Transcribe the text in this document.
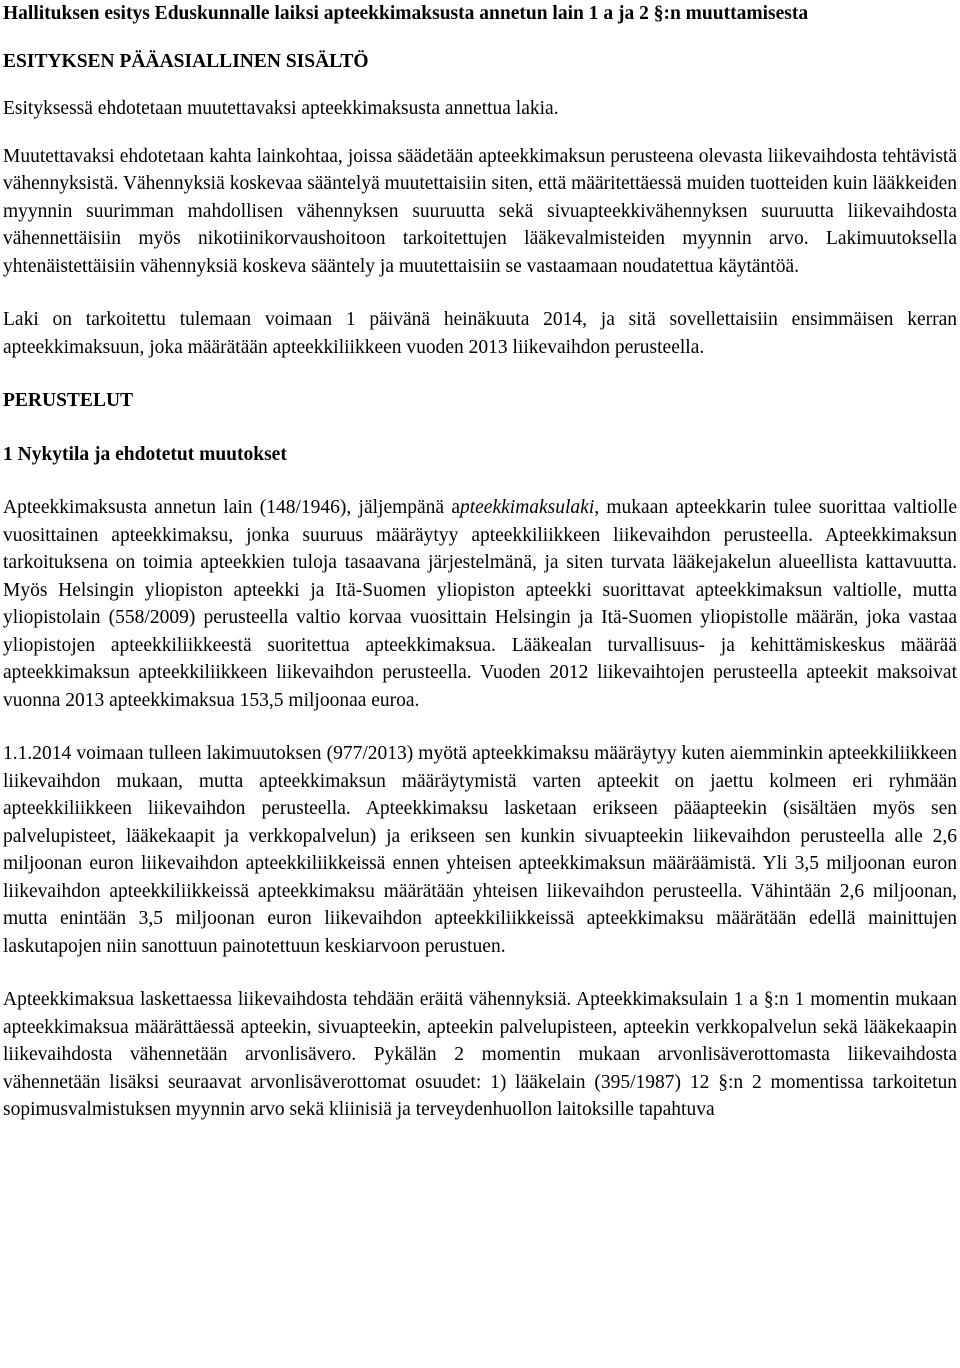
Hallituksen esitys Eduskunnalle laiksi apteekkimaksusta annetun lain 1 a ja 2 §:n muuttamisesta

ESITYKSEN PÄÄASIALLINEN SISÄLTÖ

Esityksessä ehdotetaan muutettavaksi apteekkimaksusta annettua lakia.

Muutettavaksi ehdotetaan kahta lainkohtaa, joissa säädetään apteekkimaksun perusteena olevasta liikevaihdosta tehtävistä vähennyksistä. Vähennyksiä koskevaa sääntelyä muutettaisiin siten, että määritettäessä muiden tuotteiden kuin lääkkeiden myynnin suurimman mahdollisen vähennyksen suuruutta sekä sivuapteekkivähennyksen suuruutta liikevaihdosta vähennettäisiin myös nikotiinikorvaushoitoon tarkoitettujen lääkevalmisteiden myynnin arvo. Lakimuutoksella yhtenäistettäisiin vähennyksiä koskeva sääntely ja muutettaisiin se vastaamaan noudatettua käytäntöä.

Laki on tarkoitettu tulemaan voimaan 1 päivänä heinäkuuta 2014, ja sitä sovellettaisiin ensimmäisen kerran apteekkimaksuun, joka määrätään apteekkiliikkeen vuoden 2013 liikevaihdon perusteella.

PERUSTELUT

1 Nykytila ja ehdotetut muutokset

Apteekkimaksusta annetun lain (148/1946), jäljempänä apteekkimaksulaki, mukaan apteekkarin tulee suorittaa valtiolle vuosittainen apteekkimaksu, jonka suuruus määräytyy apteekkiliikkeen liikevaihdon perusteella. Apteekkimaksun tarkoituksena on toimia apteekkien tuloja tasaavana järjestelmänä, ja siten turvata lääkejakelun alueellista kattavuutta. Myös Helsingin yliopiston apteekki ja Itä-Suomen yliopiston apteekki suorittavat apteekkimaksun valtiolle, mutta yliopistolain (558/2009) perusteella valtio korvaa vuosittain Helsingin ja Itä-Suomen yliopistolle määrän, joka vastaa yliopistojen apteekkiliikkeestä suoritettua apteekkimaksua. Lääkealan turvallisuus- ja kehittämiskeskus määrää apteekkimaksun apteekkiliikkeen liikevaihdon perusteella. Vuoden 2012 liikevaihtojen perusteella apteekit maksoivat vuonna 2013 apteekkimaksua 153,5 miljoonaa euroa.

1.1.2014 voimaan tulleen lakimuutoksen (977/2013) myötä apteekkimaksu määräytyy kuten aiemminkin apteekkiliikkeen liikevaihdon mukaan, mutta apteekkimaksun määräytymistä varten apteekit on jaettu kolmeen eri ryhmään apteekkiliikkeen liikevaihdon perusteella. Apteekkimaksu lasketaan erikseen pääapteekin (sisältäen myös sen palvelupisteet, lääkekaapit ja verkkopalvelun) ja erikseen sen kunkin sivuapteekin liikevaihdon perusteella alle 2,6 miljoonan euron liikevaihdon apteekkiliikkeissä ennen yhteisen apteekkimaksun määräämistä. Yli 3,5 miljoonan euron liikevaihdon apteekkiliikkeissä apteekkimaksu määrätään yhteisen liikevaihdon perusteella. Vähintään 2,6 miljoonan, mutta enintään 3,5 miljoonan euron liikevaihdon apteekkiliikkeissä apteekkimaksu määrätään edellä mainittujen laskutapojen niin sanottuun painotettuun keskiarvoon perustuen.

Apteekkimaksua laskettaessa liikevaihdosta tehdään eräitä vähennyksiä. Apteekkimaksulain 1 a §:n 1 momentin mukaan apteekkimaksua määrättäessä apteekin, sivuapteekin, apteekin palvelupisteen, apteekin verkkopalvelun sekä lääkekaapin liikevaihdosta vähennetään arvonlisävero. Pykälän 2 momentin mukaan arvonlisäverottomasta liikevaihdosta vähennetään lisäksi seuraavat arvonlisäverottomat osuudet: 1) lääkelain (395/1987) 12 §:n 2 momentissa tarkoitetun sopimusvalmistuksen myynnin arvo sekä kliinisiä ja terveydenhuollon laitoksille tapahtuva
